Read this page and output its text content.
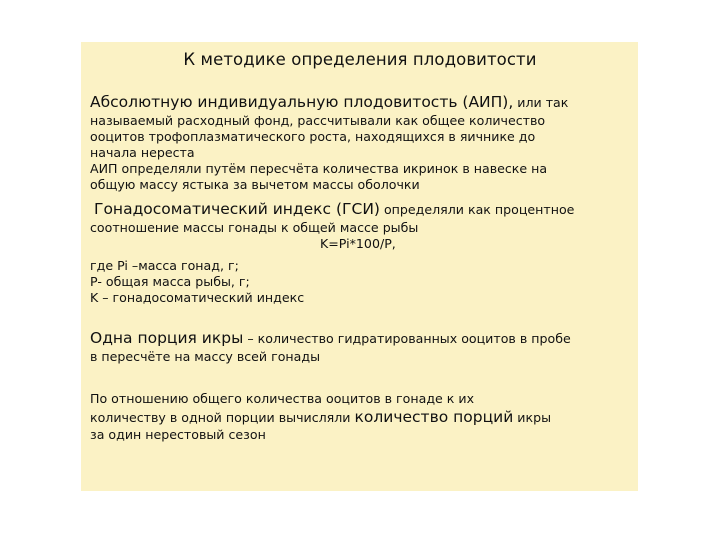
К методике определения плодовитости
Абсолютную индивидуальную плодовитость (АИП), или так
называемый расходный фонд, рассчитывали как общее количество
ооцитов трофоплазматического роста, находящихся в яичнике до
начала нереста
АИП определяли путём пересчёта количества икринок в навеске на
общую массу ястыка за вычетом массы оболочки
Гонадосоматический индекс (ГСИ) определяли как процентное
соотношение массы гонады к общей массе рыбы
K=Pi*100/P,
где Pi –масса гонад, г;
P- общая масса рыбы, г;
K – гонадосоматический индекс
Одна порция икры – количество гидратированных ооцитов в пробе
в пересчёте на массу всей гонады
По отношению общего количества ооцитов в гонаде к их
количеству в одной порции вычисляли количество порций икры
за один нерестовый сезон
